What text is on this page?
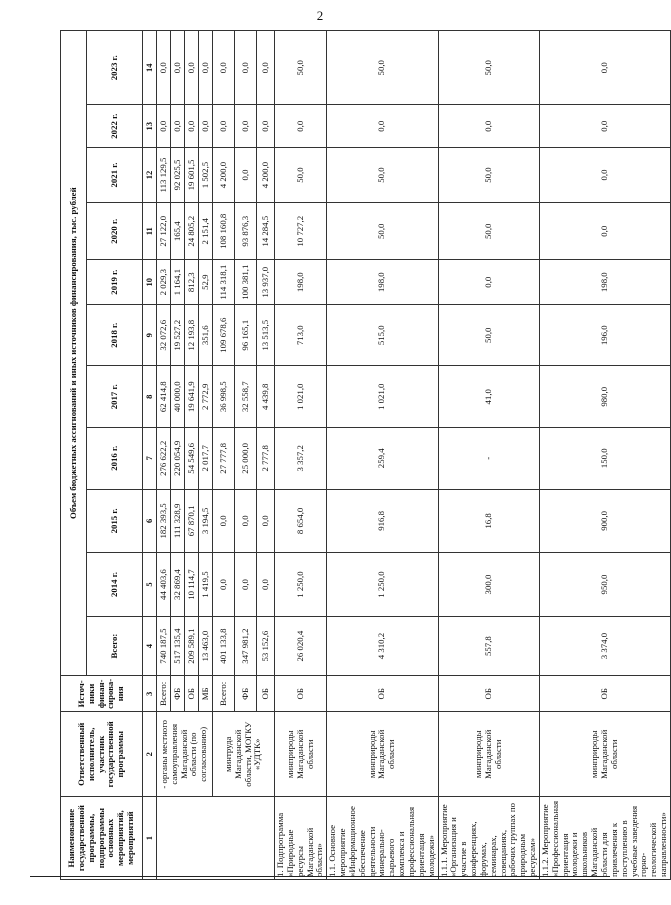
2
Наименование государственной программы, подпрограммы основных мероприятий, мероприятий	Ответственный исполнитель, участник государственной программы	Источ-ники финан-сирова-ния	Объем бюджетных ассигнований и иных источников финансирования, тыс. рублей										
			Всего:	2014 г.	2015 г.	2016 г.	2017 г.	2018 г.	2019 г.	2020 г.	2021 г.	2022 г.	2023 г.
1	2	3	4	5	6	7	8	9	10	11	12	13	14
	- органы местного самоуправления Магаданской области (по согласованию)	Всего:	740 187,5	44 403,6	182 393,5	276 622,2	62 414,8	32 072,6	2 029,3	27 122,0	113 129,5	0,0	0,0
		ФБ	517 135,4	32 869,4	111 328,9	220 054,9	40 000,0	19 527,2	1 164,1	165,4	92 025,5	0,0	0,0
		ОБ	209 589,1	10 114,7	67 870,1	54 549,6	19 641,9	12 193,8	812,3	24 805,2	19 601,5	0,0	0,0
		МБ	13 463,0	1 419,5	3 194,5	2 017,7	2 772,9	351,6	52,9	2 151,4	1 502,5	0,0	0,0
	минтруда Магаданской области, МОГКУ «УДТК»	Всего:	401 133,8	0,0	0,0	27 777,8	36 998,5	109 678,6	114 318,1	108 160,8	4 200,0	0,0	0,0
		ФБ	347 981,2	0,0	0,0	25 000,0	32 558,7	96 165,1	100 381,1	93 876,3	0,0	0,0	0,0
		ОБ	53 152,6	0,0	0,0	2 777,8	4 439,8	13 513,5	13 937,0	14 284,5	4 200,0	0,0	0,0
1. Подпрограмма «Природные ресурсы Магаданской области»	минприроды Магаданской области	ОБ	26 020,4	1 250,0	8 654,0	3 357,2	1 021,0	713,0	198,0	10 727,2	50,0	0,0	50,0
1.1. Основное мероприятие «Информационное обеспечение деятельности минерально-сырьевого комплекса и профессиональная ориентация молодежи»	минприроды Магаданской области	ОБ	4 310,2	1 250,0	916,8	259,4	1 021,0	515,0	198,0	50,0	50,0	0,0	50,0
1.1.1. Мероприятие «Организация и участие в конференциях, форумах, семинарах, совещаниях, рабочих группах по природным ресурсам»	минприроды Магаданской области	ОБ	557,8	300,0	16,8	-	41,0	50,0	0,0	50,0	50,0	0,0	50,0
1.1.2. Мероприятие «Профессиональная ориентация молодежи и школьников Магаданской области для привлечения к поступлению в учебные заведения горно-геологической направленности»	минприроды Магаданской области	ОБ	3 374,0	950,0	900,0	150,0	980,0	196,0	198,0	0,0	0,0	0,0	0,0
